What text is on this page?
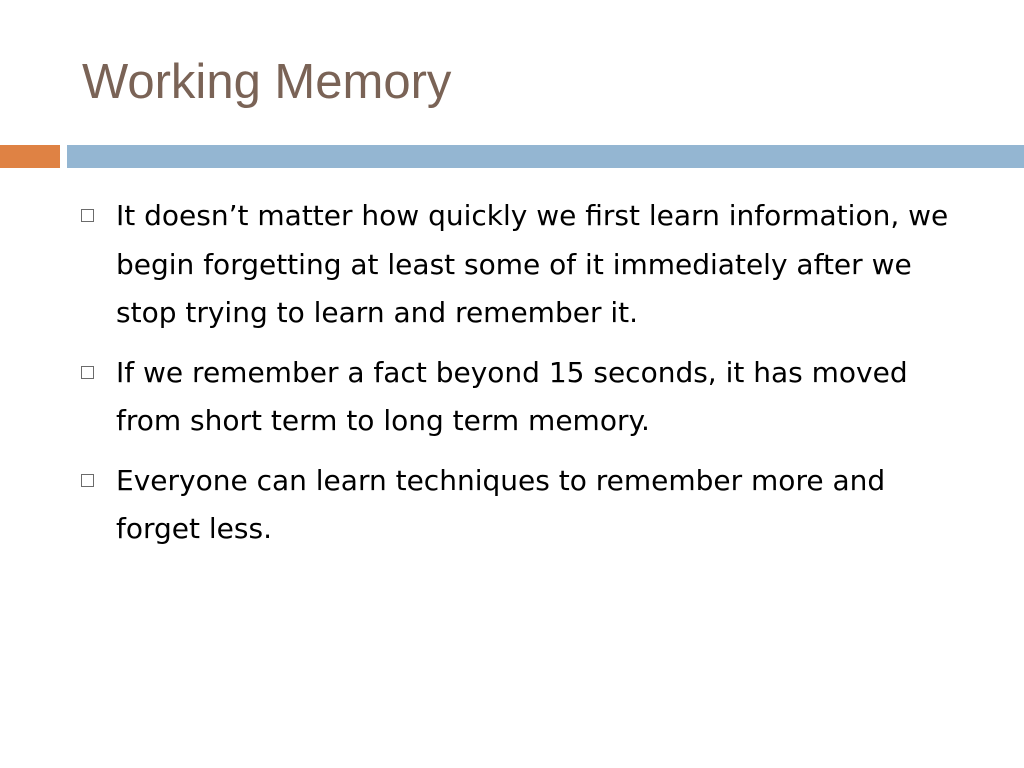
Working Memory
It doesn’t matter how quickly we first learn information, we begin forgetting at least some of it immediately after we stop trying to learn and remember it.
If we remember a fact beyond 15 seconds, it has moved from short term to long term memory.
Everyone can learn techniques to remember more and forget less.
